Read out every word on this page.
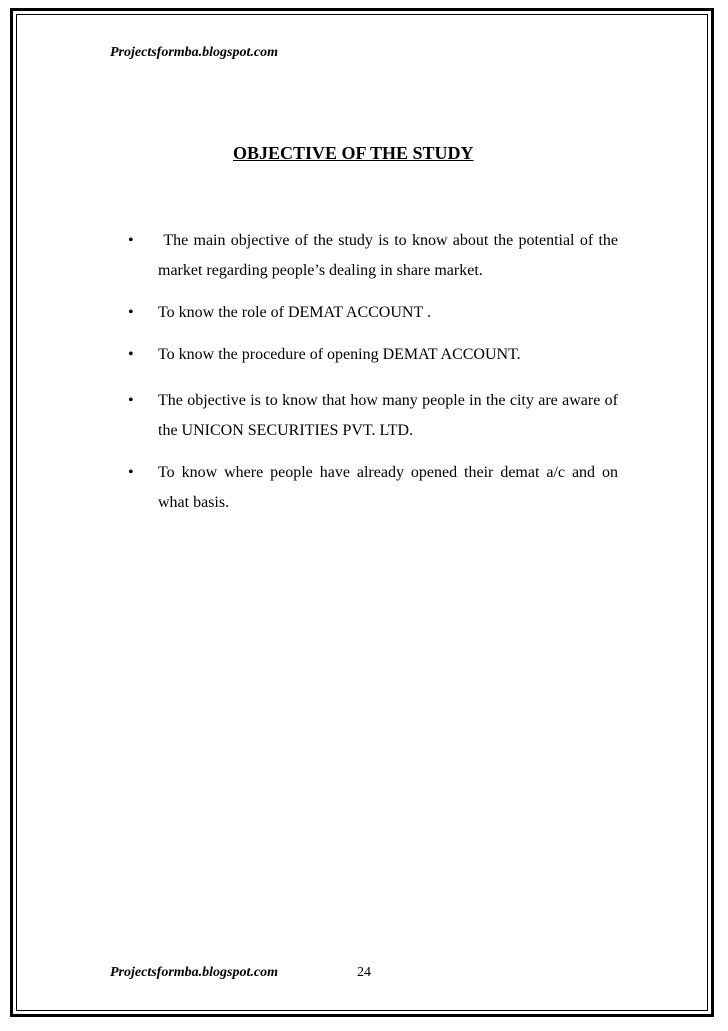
Projectsformba.blogspot.com
OBJECTIVE OF THE STUDY
• The main objective of the study is to know about the potential of the market regarding people’s dealing in share market.
• To know the role of DEMAT ACCOUNT .
• To know the procedure of opening DEMAT ACCOUNT.
• The objective is to know that how many people in the city are aware of the UNICON SECURITIES PVT. LTD.
• To know where people have already opened their demat a/c and on what basis.
Projectsformba.blogspot.com	24
